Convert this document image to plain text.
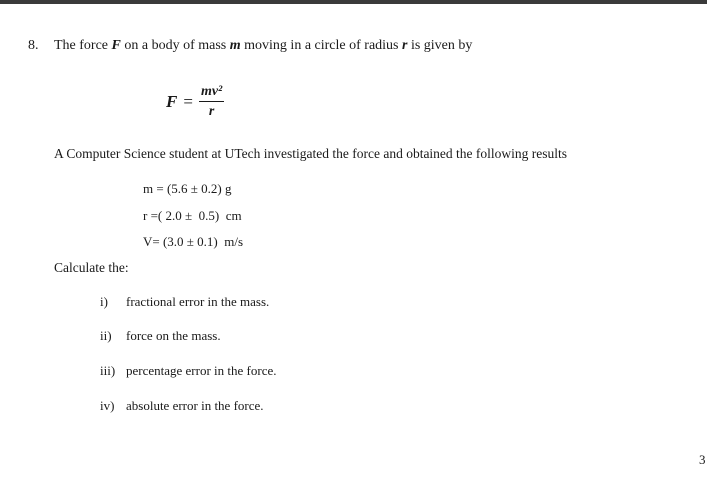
8. The force F on a body of mass m moving in a circle of radius r is given by
$F = \frac{\text{mv²}}{r}$
A Computer Science student at UTech investigated the force and obtained the following results
m = (5.6 ± 0.2) g
r =( 2.0 ±  0.5)  cm
V= (3.0 ± 0.1)  m/s
Calculate the:
i) fractional error in the mass.
ii) force on the mass.
iii) percentage error in the force.
iv) absolute error in the force.
3
